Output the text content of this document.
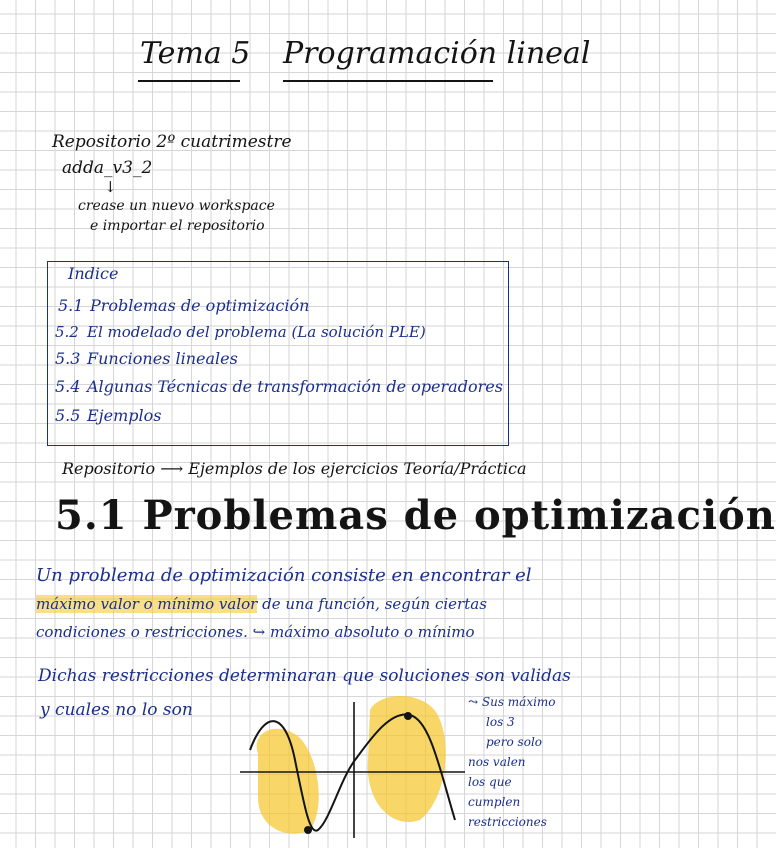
Tema 5 Programación lineal
Repositorio 2º cuatrimestre
adda_v3_2
↓
crease un nuevo workspace
e importar el repositorio
Indice
5.1 Problemas de optimización
5.2 El modelado del problema (La solución PLE)
5.3 Funciones lineales
5.4 Algunas Técnicas de transformación de operadores
5.5 Ejemplos
Repositorio ⟶ Ejemplos de los ejercicios Teoría/Práctica
5.1 Problemas de optimización
Un problema de optimización consiste en encontrar el
máximo valor o mínimo valor de una función, según ciertas
condiciones o restricciones. ↪ máximo absoluto o mínimo
Dichas restricciones determinaran que soluciones son validas
y cuales no lo son	⤳ Sus máximo
los 3
pero solo
nos valen
los que
cumplen
restricciones
